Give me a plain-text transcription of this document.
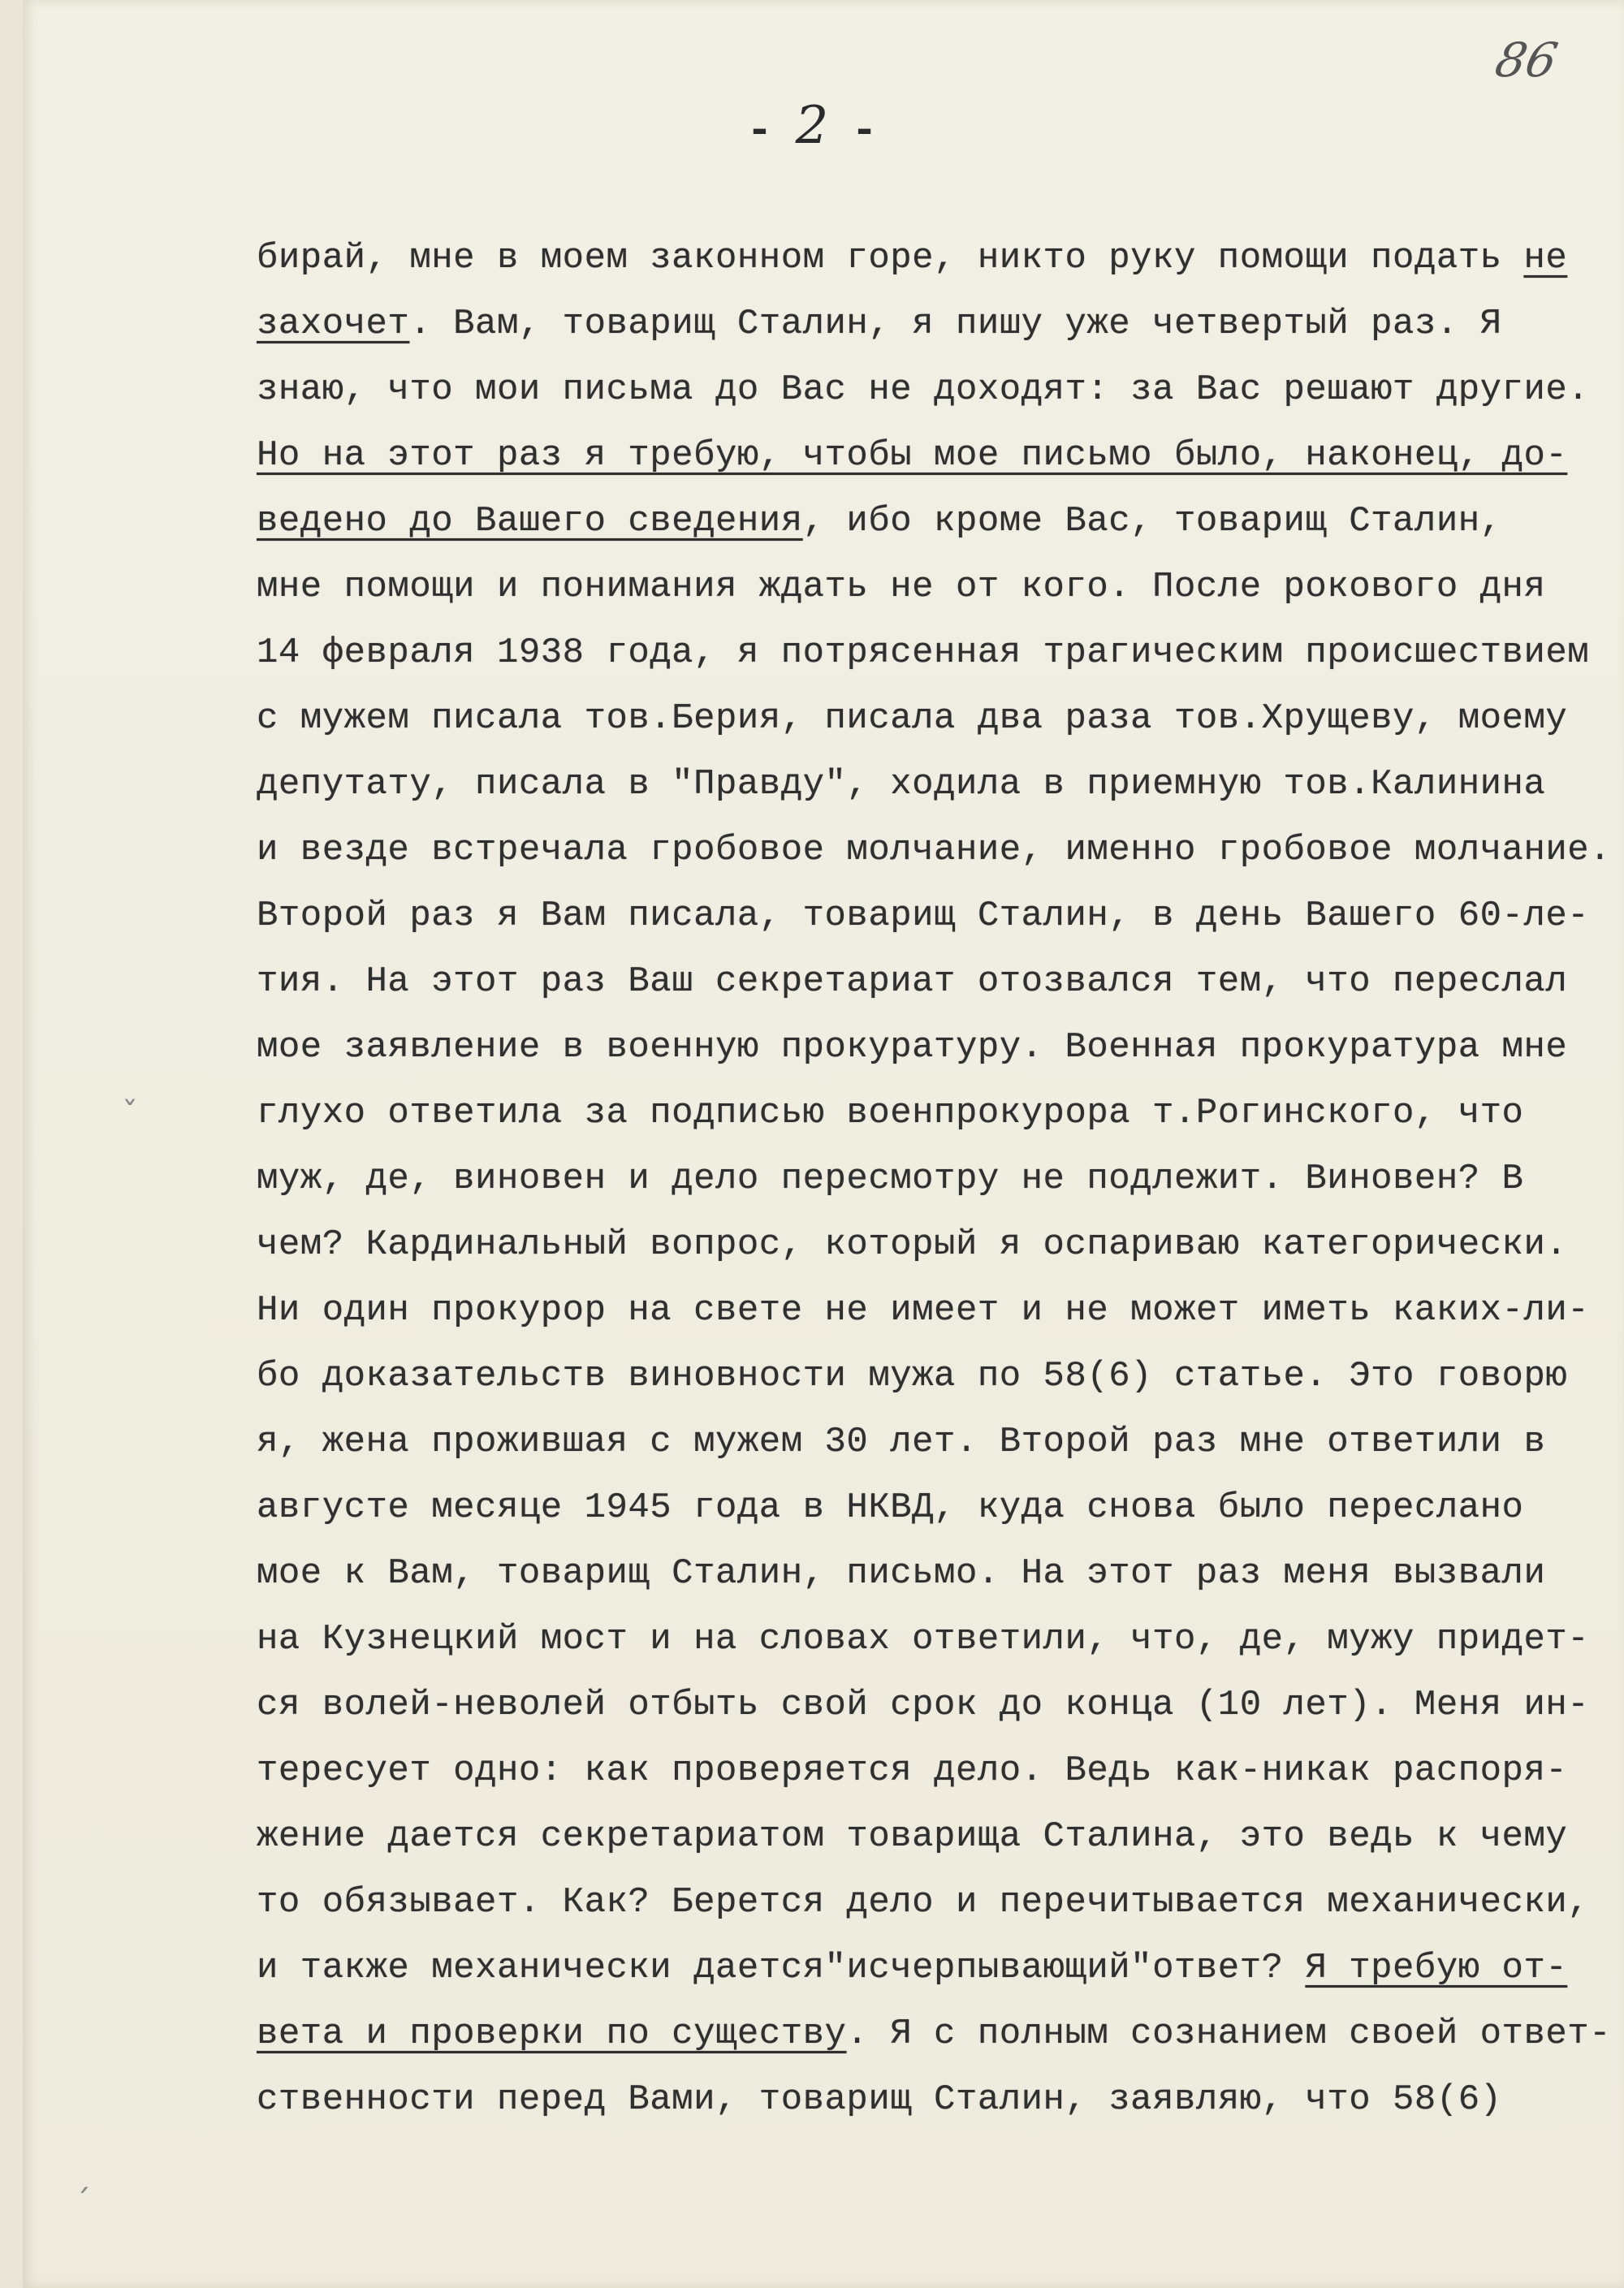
86
- 2 -
бирай, мне в моем законном горе, никто руку помощи подать не
захочет. Вам, товарищ Сталин, я пишу уже четвертый раз. Я
знаю, что мои письма до Вас не доходят: за Вас решают другие.
Но на этот раз я требую, чтобы мое письмо было, наконец, до-
ведено до Вашего сведения, ибо кроме Вас, товарищ Сталин,
мне помощи и понимания ждать не от кого. После рокового дня
14 февраля 1938 года, я потрясенная трагическим происшествием
с мужем писала тов.Берия, писала два раза тов.Хрущеву, моему
депутату, писала в "Правду", ходила в приемную тов.Калинина
и везде встречала гробовое молчание, именно гробовое молчание.
Второй раз я Вам писала, товарищ Сталин, в день Вашего 60-ле-
тия. На этот раз Ваш секретариат отозвался тем, что переслал
мое заявление в военную прокуратуру. Военная прокуратура мне
глухо ответила за подписью военпрокурора т.Рогинского, что
муж, де, виновен и дело пересмотру не подлежит. Виновен? В
чем? Кардинальный вопрос, который я оспариваю категорически.
Ни один прокурор на свете не имеет и не может иметь каких-ли-
бо доказательств виновности мужа по 58(6) статье. Это говорю
я, жена прожившая с мужем 30 лет. Второй раз мне ответили в
августе месяце 1945 года в НКВД, куда снова было переслано
мое к Вам, товарищ Сталин, письмо. На этот раз меня вызвали
на Кузнецкий мост и на словах ответили, что, де, мужу придет-
ся волей-неволей отбыть свой срок до конца (10 лет). Меня ин-
тересует одно: как проверяется дело. Ведь как-никак распоря-
жение дается секретариатом товарища Сталина, это ведь к чему
то обязывает. Как? Берется дело и перечитывается механически,
и также механически дается"исчерпывающий"ответ? Я требую от-
вета и проверки по существу. Я с полным сознанием своей ответ-
ственности перед Вами, товарищ Сталин, заявляю, что 58(6)
ˇ
ˊ
